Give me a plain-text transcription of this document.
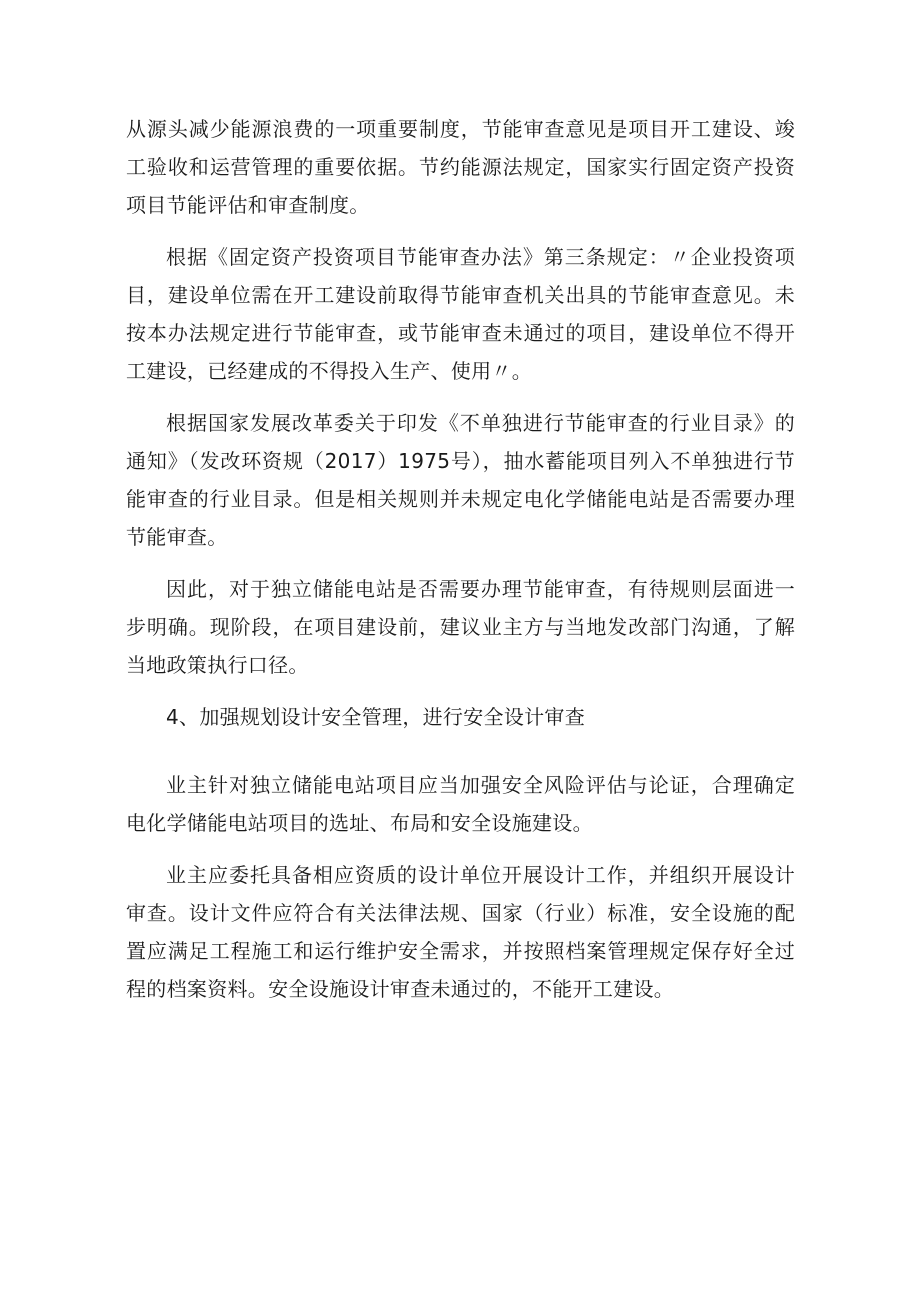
从源头减少能源浪费的一项重要制度，节能审查意见是项目开工建设、竣工验收和运营管理的重要依据。节约能源法规定，国家实行固定资产投资项目节能评估和审查制度。

根据《固定资产投资项目节能审查办法》第三条规定：〃企业投资项目，建设单位需在开工建设前取得节能审查机关出具的节能审查意见。未按本办法规定进行节能审查，或节能审查未通过的项目，建设单位不得开工建设，已经建成的不得投入生产、使用〃。

根据国家发展改革委关于印发《不单独进行节能审查的行业目录》的通知》（发改环资规（2017）1975号），抽水蓄能项目列入不单独进行节能审查的行业目录。但是相关规则并未规定电化学储能电站是否需要办理节能审查。

因此，对于独立储能电站是否需要办理节能审查，有待规则层面进一步明确。现阶段，在项目建设前，建议业主方与当地发改部门沟通，了解当地政策执行口径。

4、加强规划设计安全管理，进行安全设计审查

业主针对独立储能电站项目应当加强安全风险评估与论证，合理确定电化学储能电站项目的选址、布局和安全设施建设。

业主应委托具备相应资质的设计单位开展设计工作，并组织开展设计审查。设计文件应符合有关法律法规、国家（行业）标准，安全设施的配置应满足工程施工和运行维护安全需求，并按照档案管理规定保存好全过程的档案资料。安全设施设计审查未通过的，不能开工建设。
